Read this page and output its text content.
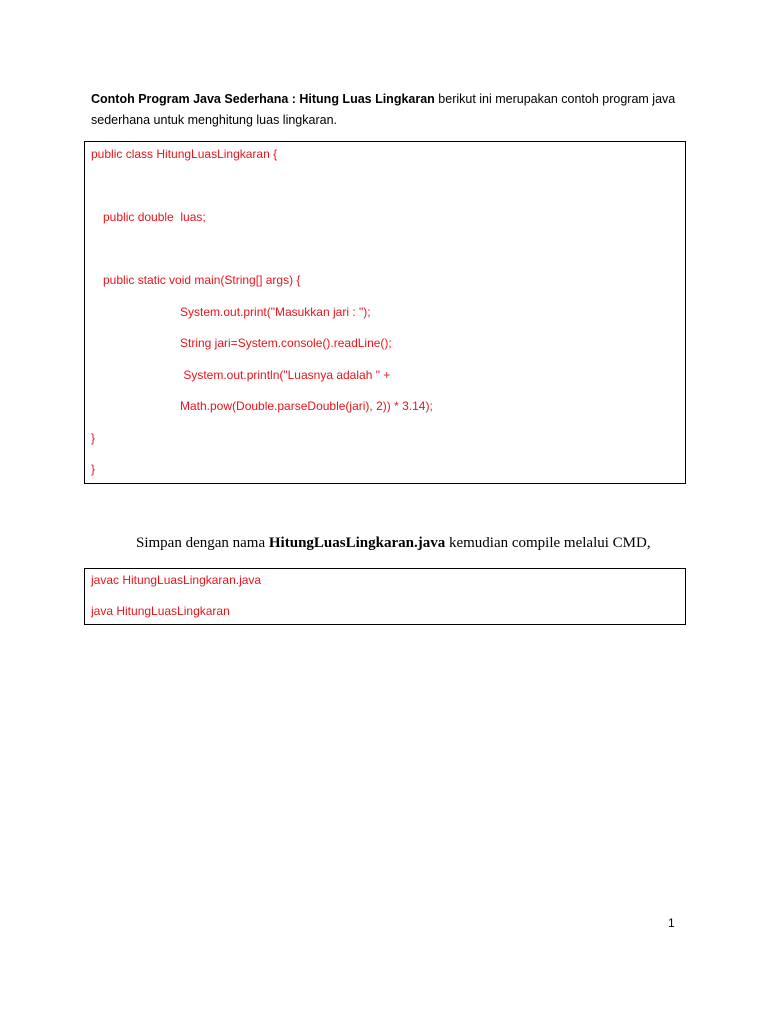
Contoh Program Java Sederhana : Hitung Luas Lingkaran berikut ini merupakan contoh program java sederhana untuk menghitung luas lingkaran.
public class HitungLuasLingkaran {
public double  luas;
public static void main(String[] args) {
System.out.print("Masukkan jari : ");
String jari=System.console().readLine();
System.out.println("Luasnya adalah " +
Math.pow(Double.parseDouble(jari), 2)) * 3.14);
}
}
Simpan dengan nama HitungLuasLingkaran.java kemudian compile melalui CMD,
javac HitungLuasLingkaran.java
java HitungLuasLingkaran
1
